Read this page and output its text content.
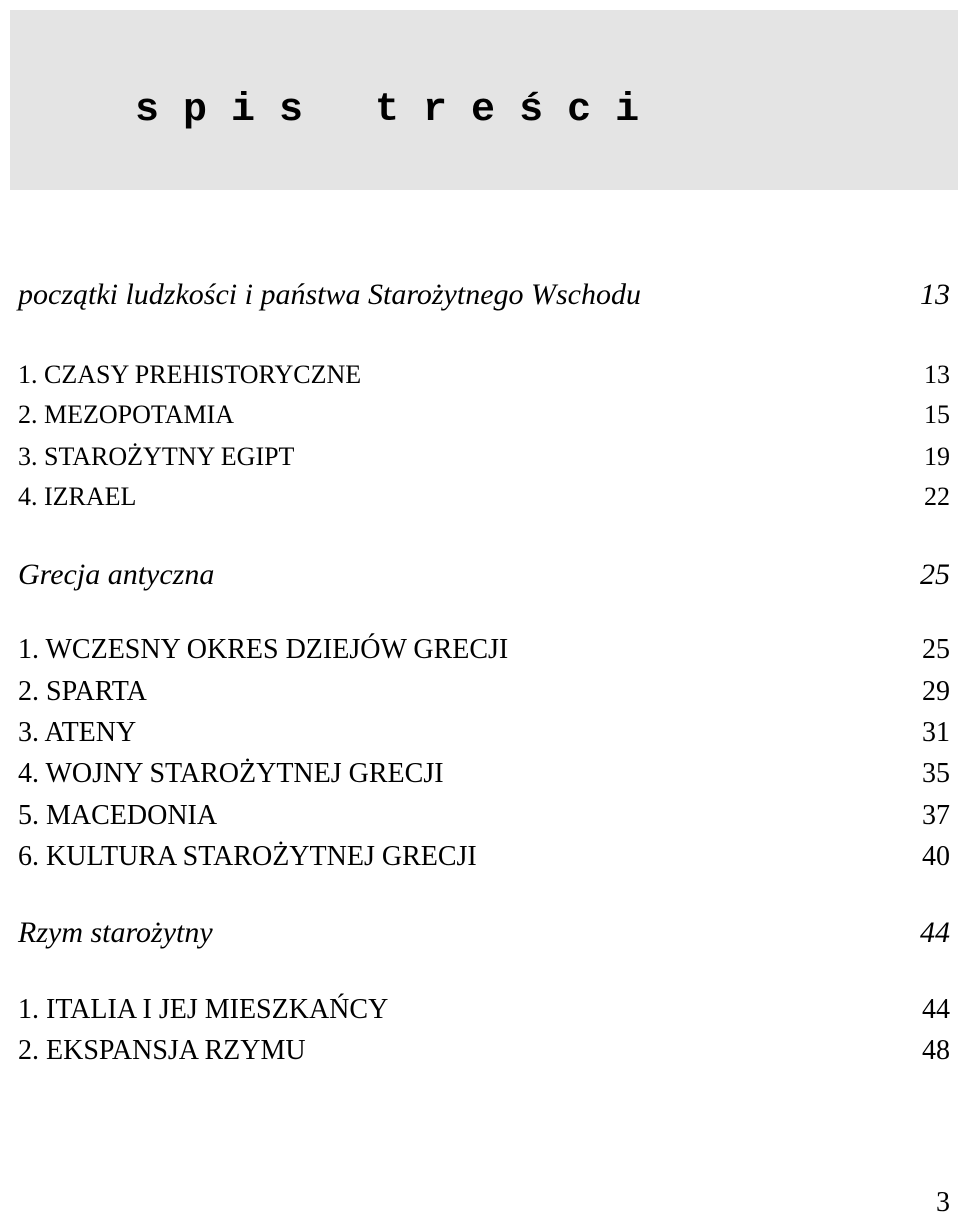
s p i s   t r e ś c i
początki ludzkości i państwa Starożytnego Wschodu	13
1. CZASY PREHISTORYCZNE	13
2. MEZOPOTAMIA	15
3. STAROŻYTNY EGIPT	19
4. IZRAEL	22
Grecja antyczna	25
1. WCZESNY OKRES DZIEJÓW GRECJI	25
2. SPARTA	29
3. ATENY	31
4. WOJNY STAROŻYTNEJ GRECJI	35
5. MACEDONIA	37
6. KULTURA STAROŻYTNEJ GRECJI	40
Rzym starożytny	44
1. ITALIA I JEJ MIESZKAŃCY	44
2. EKSPANSJA RZYMU	48
3
